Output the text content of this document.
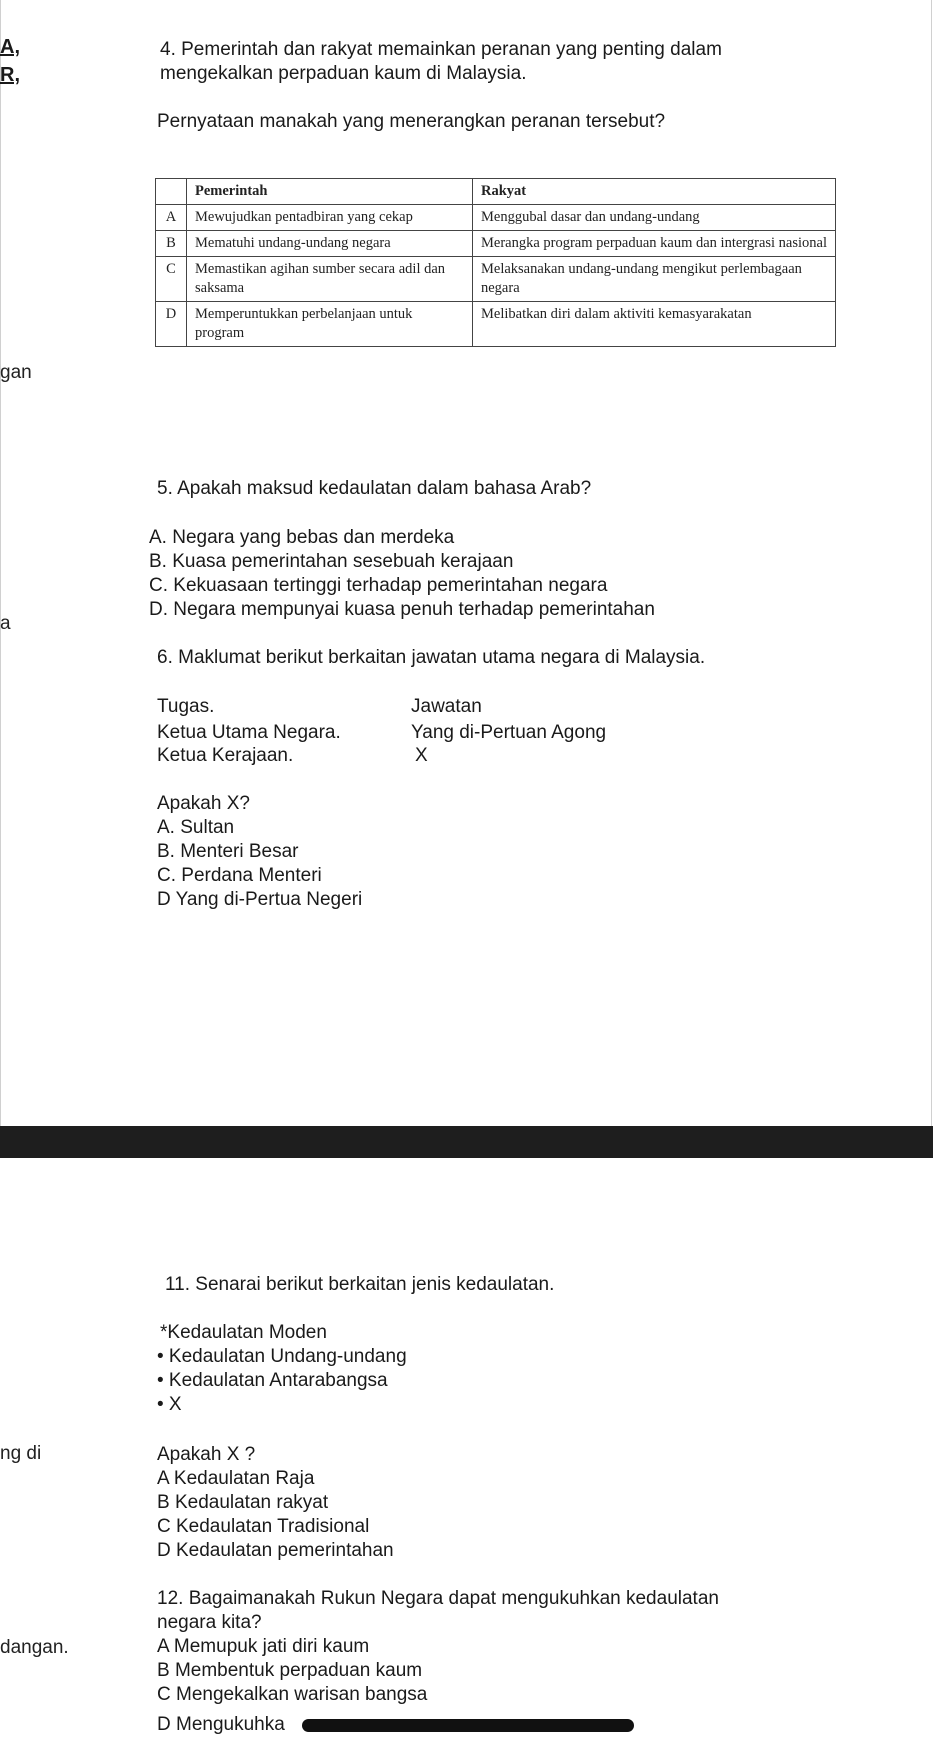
A,
R,
gan
a
ng di
dangan.
4. Pemerintah dan rakyat memainkan peranan yang penting dalam
mengekalkan perpaduan kaum di Malaysia.
Pernyataan manakah yang menerangkan peranan tersebut?
	Pemerintah	Rakyat
A	Mewujudkan pentadbiran yang cekap	Menggubal dasar dan undang-undang
B	Mematuhi undang-undang negara	Merangka program perpaduan kaum dan intergrasi nasional
C	Memastikan agihan sumber secara adil dan saksama	Melaksanakan undang-undang mengikut perlembagaan negara
D	Memperuntukkan perbelanjaan untuk program	Melibatkan diri dalam aktiviti kemasyarakatan
5. Apakah maksud kedaulatan dalam bahasa Arab?
A. Negara yang bebas dan merdeka
B. Kuasa pemerintahan sesebuah kerajaan
C. Kekuasaan tertinggi terhadap pemerintahan negara
D. Negara mempunyai kuasa penuh terhadap pemerintahan
6. Maklumat berikut berkaitan jawatan utama negara di Malaysia.
Tugas.	Jawatan
Ketua Utama Negara.	Yang di-Pertuan Agong
Ketua Kerajaan.	X
Apakah X?
A. Sultan
B. Menteri Besar
C. Perdana Menteri
D Yang di-Pertua Negeri
11. Senarai berikut berkaitan jenis kedaulatan.
*Kedaulatan Moden
• Kedaulatan Undang-undang
• Kedaulatan Antarabangsa
• X
Apakah X ?
A Kedaulatan Raja
B Kedaulatan rakyat
C Kedaulatan Tradisional
D Kedaulatan pemerintahan
12. Bagaimanakah Rukun Negara dapat mengukuhkan kedaulatan
negara kita?
A Memupuk jati diri kaum
B Membentuk perpaduan kaum
C Mengekalkan warisan bangsa
D Mengukuhka
